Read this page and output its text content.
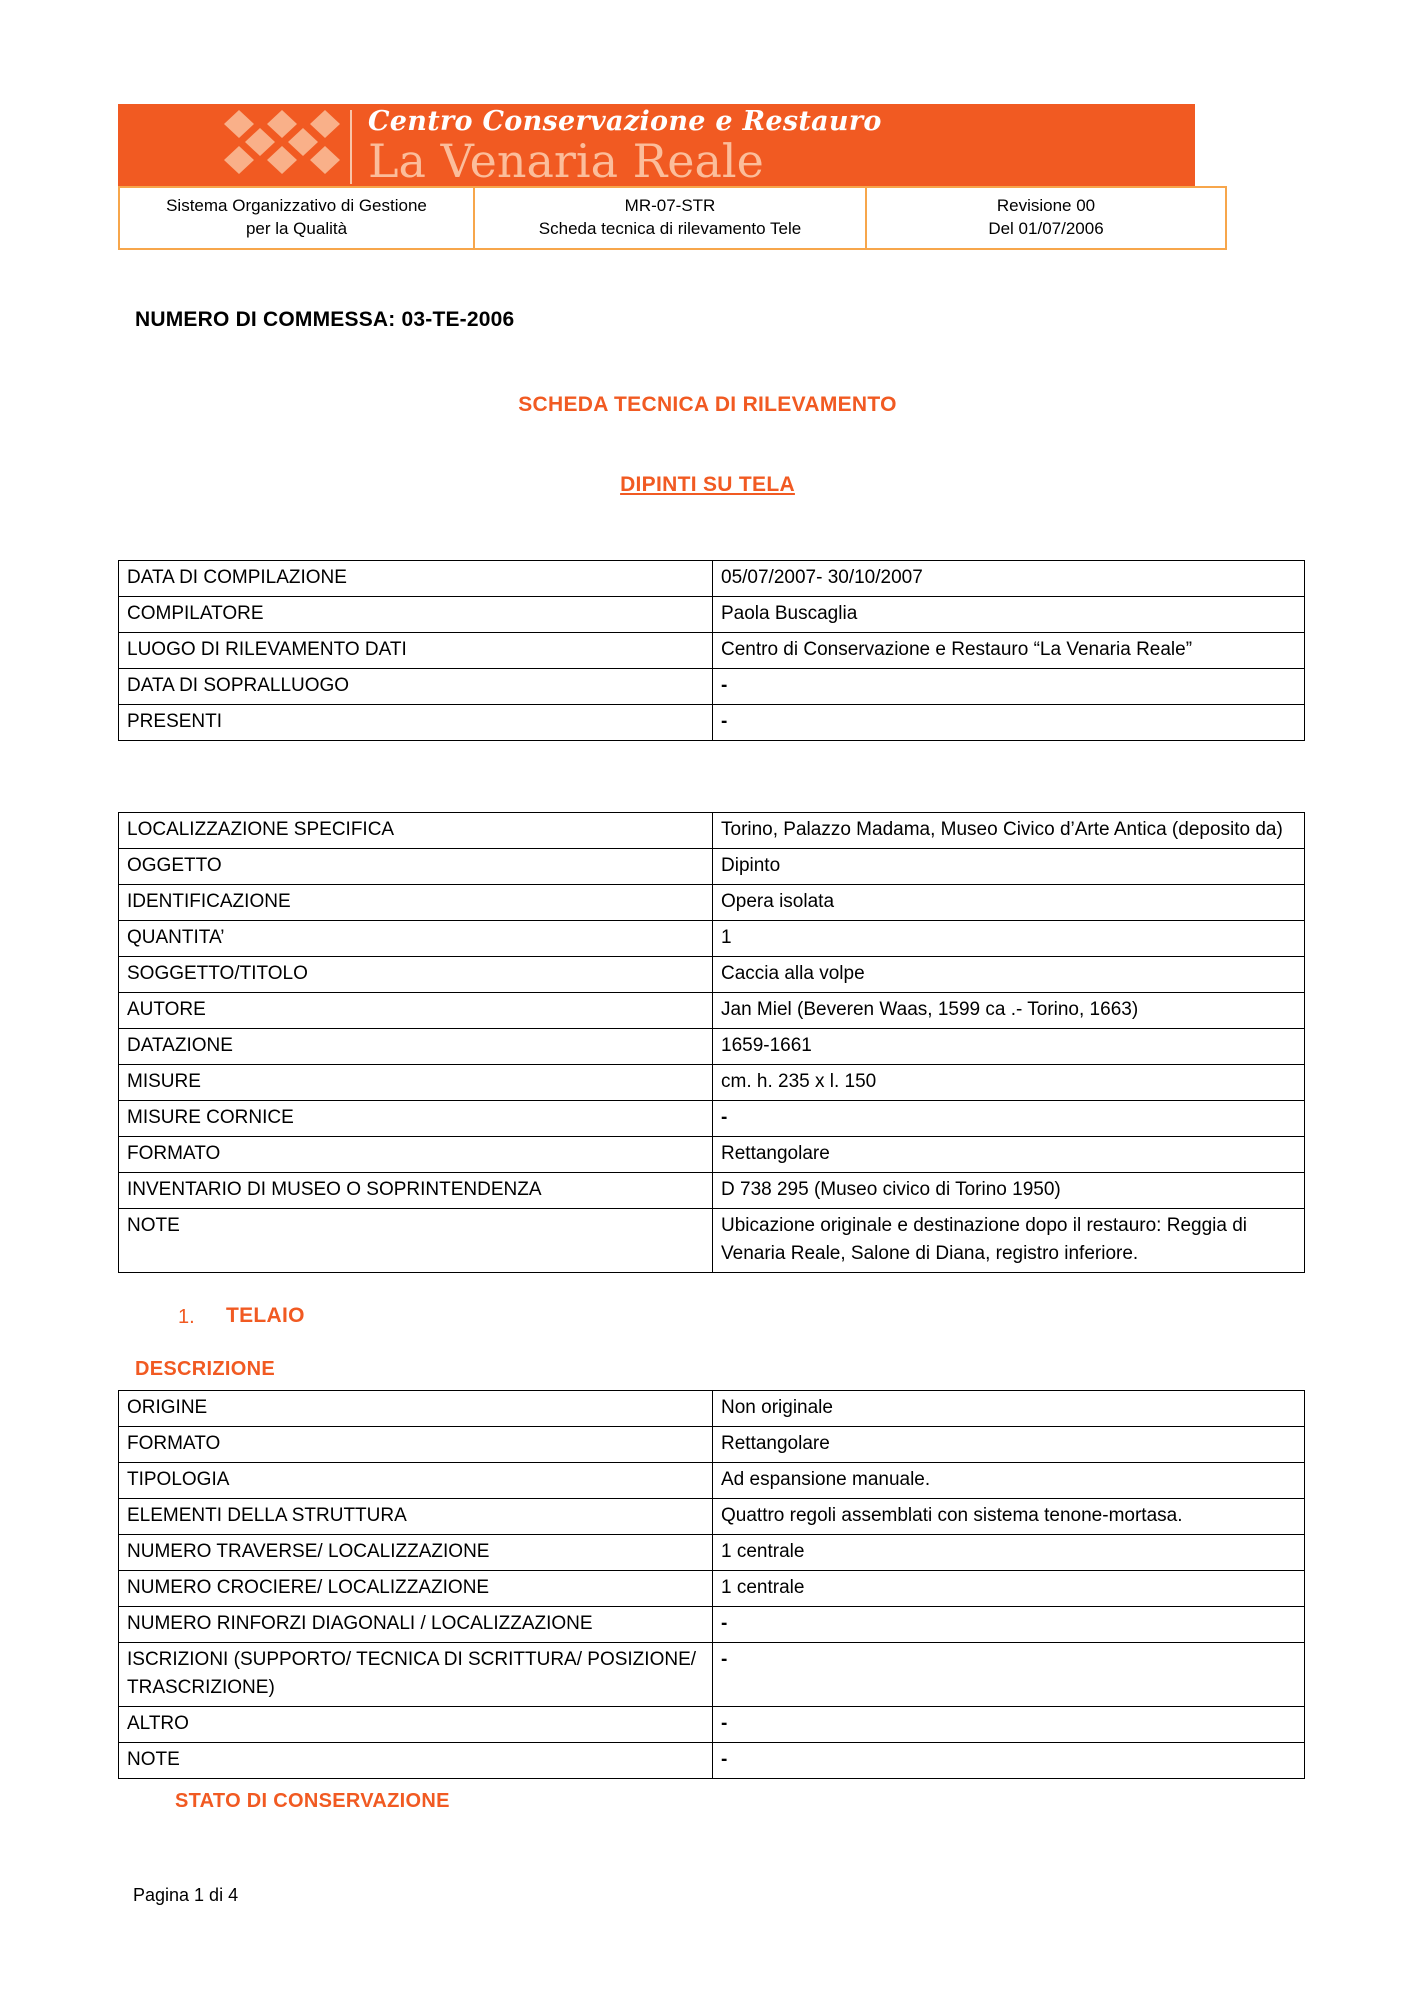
Centro Conservazione e Restauro
La Venaria Reale
Sistema Organizzativo di Gestione
per la Qualità

MR-07-STR
Scheda tecnica di rilevamento Tele

Revisione 00
Del 01/07/2006
NUMERO DI COMMESSA: 03-TE-2006
SCHEDA TECNICA DI RILEVAMENTO
DIPINTI SU TELA
DATA DI COMPILAZIONE	05/07/2007- 30/10/2007
COMPILATORE	Paola Buscaglia
LUOGO DI RILEVAMENTO DATI	Centro di Conservazione e Restauro “La Venaria Reale”
DATA DI SOPRALLUOGO	-
PRESENTI	-
LOCALIZZAZIONE SPECIFICA	Torino, Palazzo Madama, Museo Civico d’Arte Antica (deposito da)
OGGETTO	Dipinto
IDENTIFICAZIONE	Opera isolata
QUANTITA’	1
SOGGETTO/TITOLO	Caccia alla volpe
AUTORE	Jan Miel (Beveren Waas, 1599 ca .- Torino, 1663)
DATAZIONE	1659-1661
MISURE	cm. h. 235 x l. 150
MISURE CORNICE	-
FORMATO	Rettangolare
INVENTARIO DI MUSEO O SOPRINTENDENZA	D 738 295 (Museo civico di Torino 1950)
NOTE	Ubicazione originale e destinazione dopo il restauro: Reggia di Venaria Reale, Salone di Diana, registro inferiore.
1. TELAIO
DESCRIZIONE
ORIGINE	Non originale
FORMATO	Rettangolare
TIPOLOGIA	Ad espansione manuale.
ELEMENTI DELLA STRUTTURA	Quattro regoli assemblati con sistema tenone-mortasa.
NUMERO TRAVERSE/ LOCALIZZAZIONE	1 centrale
NUMERO CROCIERE/ LOCALIZZAZIONE	1 centrale
NUMERO RINFORZI DIAGONALI / LOCALIZZAZIONE	-
ISCRIZIONI (SUPPORTO/ TECNICA DI SCRITTURA/ POSIZIONE/ TRASCRIZIONE)	-
ALTRO	-
NOTE	-
STATO DI CONSERVAZIONE
Pagina 1 di 4
